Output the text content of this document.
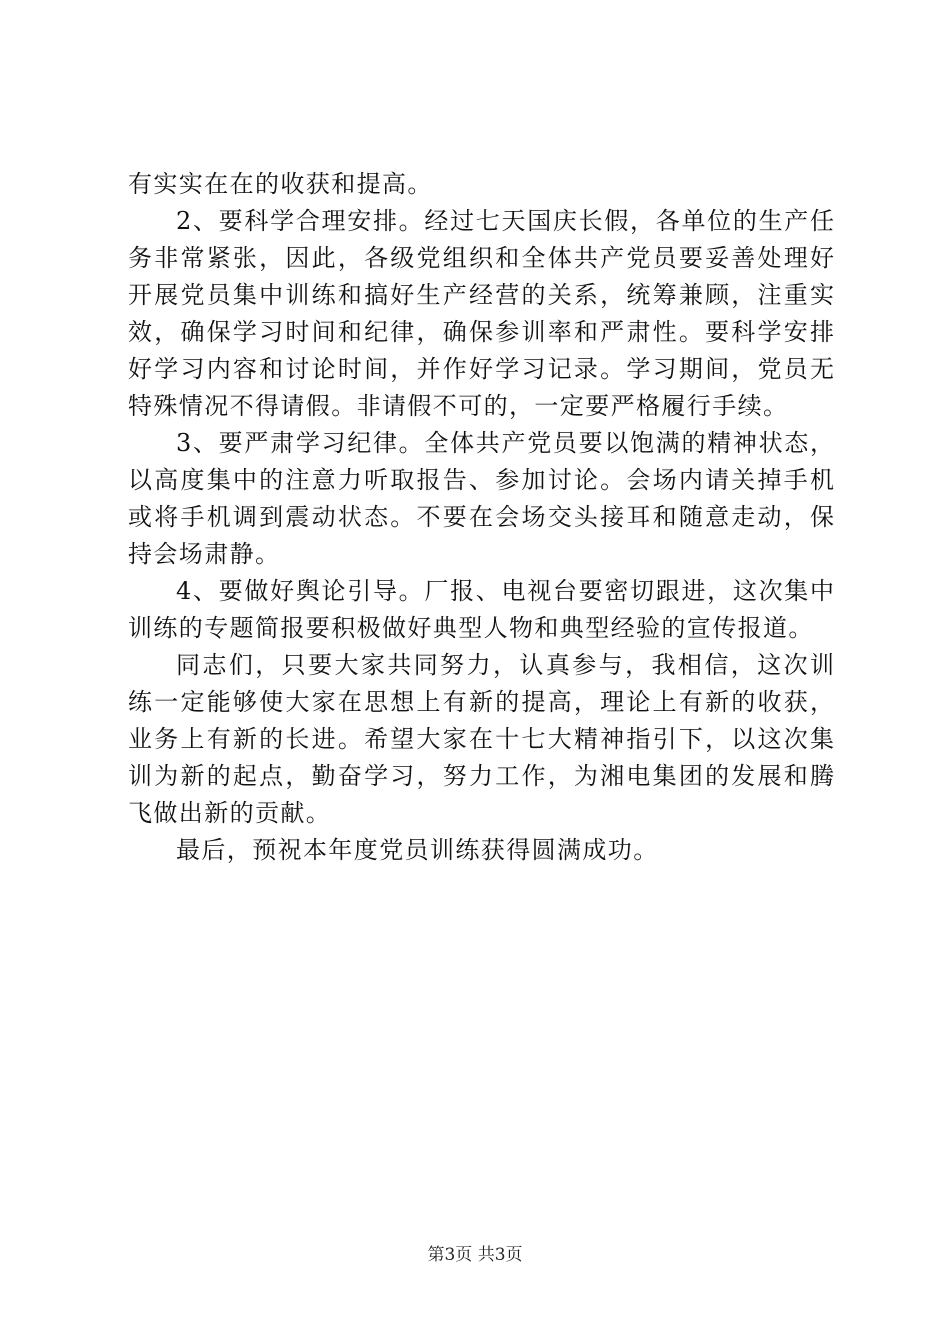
有实实在在的收获和提高。
2、要科学合理安排。经过七天国庆长假，各单位的生产任
务非常紧张，因此，各级党组织和全体共产党员要妥善处理好
开展党员集中训练和搞好生产经营的关系，统筹兼顾，注重实
效，确保学习时间和纪律，确保参训率和严肃性。要科学安排
好学习内容和讨论时间，并作好学习记录。学习期间，党员无
特殊情况不得请假。非请假不可的，一定要严格履行手续。
3、要严肃学习纪律。全体共产党员要以饱满的精神状态，
以高度集中的注意力听取报告、参加讨论。会场内请关掉手机
或将手机调到震动状态。不要在会场交头接耳和随意走动，保
持会场肃静。
4、要做好舆论引导。厂报、电视台要密切跟进，这次集中
训练的专题简报要积极做好典型人物和典型经验的宣传报道。
同志们，只要大家共同努力，认真参与，我相信，这次训
练一定能够使大家在思想上有新的提高，理论上有新的收获，
业务上有新的长进。希望大家在十七大精神指引下，以这次集
训为新的起点，勤奋学习，努力工作，为湘电集团的发展和腾
飞做出新的贡献。
最后，预祝本年度党员训练获得圆满成功。
第3页 共3页
